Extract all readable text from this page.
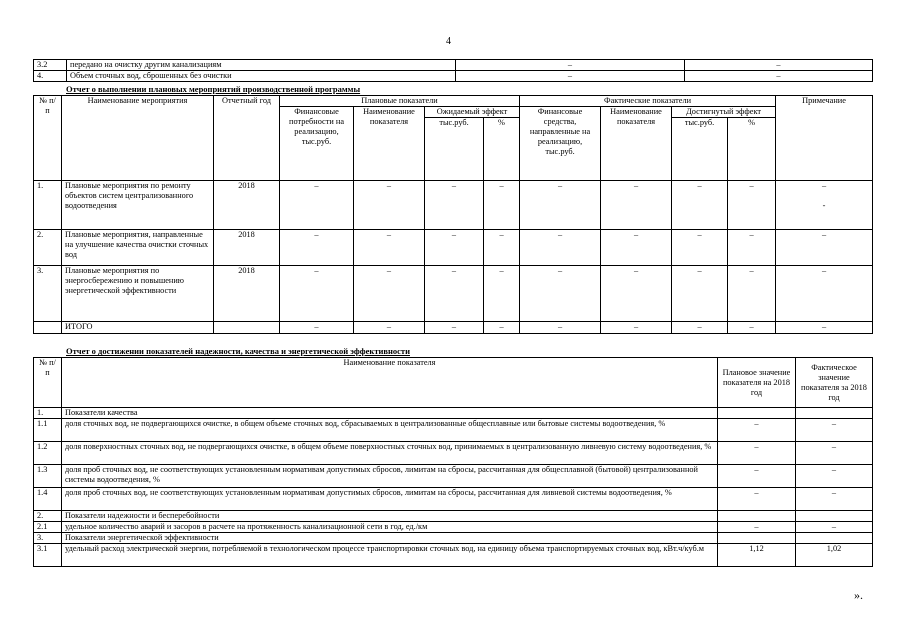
4
3.2	передано на очистку другим канализациям	–	–
4.	Объем сточных вод, сброшенных без очистки	–	–
Отчет о выполнении плановых мероприятий производственной программы
№ п/п	Наименование мероприятия	Отчетный год	Плановые показатели				Фактические показатели				Примечание
			Финансовые потребности на реализацию, тыс.руб.	Наименование показателя	Ожидаемый эффект		Финансовые средства, направленные на реализацию, тыс.руб.	Наименование показателя	Достигнутый эффект		
					тыс.руб.	%			тыс.руб.	%	
1.	Плановые мероприятия по ремонту объектов систем централизованного водоотведения	2018	–	–	–	–	–	–	–	–	–

-
2.	Плановые мероприятия, направленные на улучшение качества очистки сточных вод	2018	–	–	–	–	–	–	–	–	–
3.	Плановые мероприятия по энергосбережению и повышению энергетической эффективности	2018	–	–	–	–	–	–	–	–	–
	ИТОГО		–	–	–	–	–	–	–	–	–
Отчет о достижении показателей надежности, качества и энергетической эффективности
№ п/п	Наименование показателя	Плановое значение показателя на 2018 год	Фактическое значение показателя за 2018 год
1.	Показатели качества		
1.1	доля сточных вод, не подвергающихся очистке, в общем объеме сточных вод, сбрасываемых в централизованные общесплавные или бытовые системы водоотведения, %	–	–
1.2	доля поверхностных сточных вод, не подвергающихся очистке, в общем объеме поверхностных сточных вод, принимаемых в централизованную ливневую систему водоотведения, %	–	–
1.3	доля проб сточных вод, не соответствующих установленным нормативам допустимых сбросов, лимитам на сбросы, рассчитанная для общесплавной (бытовой) централизованной системы водоотведения, %	–	–
1.4	доля проб сточных вод, не соответствующих установленным нормативам допустимых сбросов, лимитам на сбросы, рассчитанная для ливневой системы водоотведения, %	–	–
2.	Показатели надежности и бесперебойности		
2.1	удельное количество аварий и засоров в расчете на протяженность канализационной сети в год, ед./км	–	–
3.	Показатели энергетической эффективности		
3.1	удельный расход электрической энергии, потребляемой в технологическом процессе транспортировки сточных вод, на единицу объема транспортируемых сточных вод, кВт.ч/куб.м	1,12	1,02
».
